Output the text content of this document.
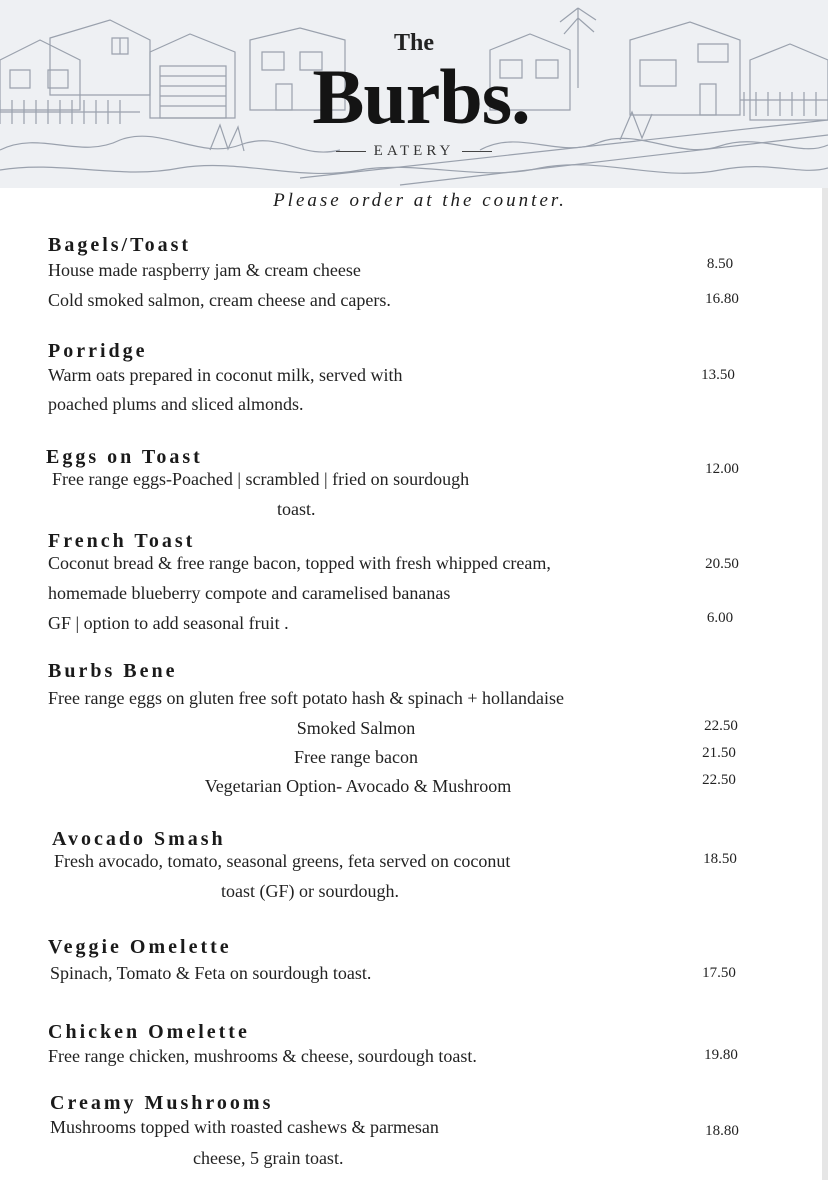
The
Burbs.
EATERY
Please order at the counter.
Bagels/Toast
House made raspberry jam & cream cheese
Cold smoked salmon, cream cheese and capers.
8.50
16.80
Porridge
Warm oats prepared in coconut milk, served with
poached plums and sliced almonds.
13.50
Eggs on Toast
Free range eggs-Poached | scrambled | fried on sourdough
toast.
12.00
French Toast
Coconut bread & free range bacon, topped with fresh whipped cream,
homemade blueberry compote and caramelised bananas
GF | option to add seasonal fruit .
20.50
6.00
Burbs Bene
Free range eggs on gluten free soft potato hash & spinach + hollandaise
Smoked Salmon
Free range bacon
Vegetarian Option- Avocado & Mushroom
22.50
21.50
22.50
Avocado Smash
Fresh avocado, tomato, seasonal greens, feta served on coconut
toast (GF) or sourdough.
18.50
Veggie Omelette
Spinach, Tomato & Feta on sourdough toast.	17.50
Chicken Omelette
Free range chicken, mushrooms & cheese, sourdough toast.	19.80
Creamy Mushrooms
Mushrooms topped with roasted cashews & parmesan
cheese, 5 grain toast.
18.80
